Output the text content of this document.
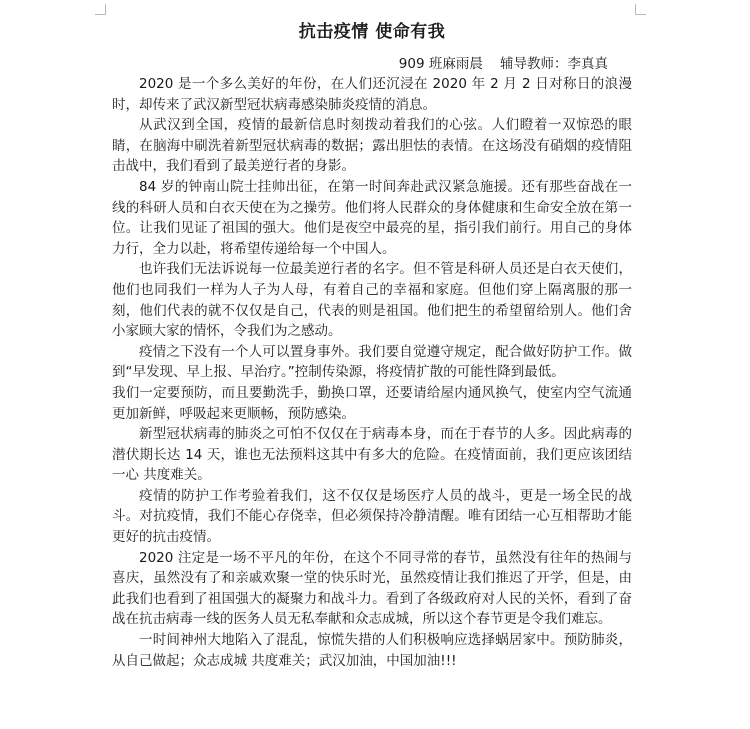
抗击疫情 使命有我
909 班麻雨晨 辅导教师：李真真

2020 是一个多么美好的年份，在人们还沉浸在 2020 年 2 月 2 日对称日的浪漫时，却传来了武汉新型冠状病毒感染肺炎疫情的消息。

从武汉到全国，疫情的最新信息时刻拨动着我们的心弦。人们瞪着一双惊恐的眼睛，在脑海中刷洗着新型冠状病毒的数据；露出胆怯的表情。在这场没有硝烟的疫情阻击战中，我们看到了最美逆行者的身影。

84 岁的钟南山院士挂帅出征，在第一时间奔赴武汉紧急施援。还有那些奋战在一线的科研人员和白衣天使在为之操劳。他们将人民群众的身体健康和生命安全放在第一位。让我们见证了祖国的强大。他们是夜空中最亮的星，指引我们前行。用自己的身体力行，全力以赴，将希望传递给每一个中国人。

也许我们无法诉说每一位最美逆行者的名字。但不管是科研人员还是白衣天使们，他们也同我们一样为人子为人母，有着自己的幸福和家庭。但他们穿上隔离服的那一刻，他们代表的就不仅仅是自己，代表的则是祖国。他们把生的希望留给别人。他们舍小家顾大家的情怀，令我们为之感动。

疫情之下没有一个人可以置身事外。我们要自觉遵守规定，配合做好防护工作。做到“早发现、早上报、早治疗。”控制传染源，将疫情扩散的可能性降到最低。

我们一定要预防，而且要勤洗手，勤换口罩，还要请给屋内通风换气，使室内空气流通更加新鲜，呼吸起来更顺畅，预防感染。

新型冠状病毒的肺炎之可怕不仅仅在于病毒本身，而在于春节的人多。因此病毒的潜伏期长达 14 天，谁也无法预料这其中有多大的危险。在疫情面前，我们更应该团结一心 共度难关。

疫情的防护工作考验着我们，这不仅仅是场医疗人员的战斗，更是一场全民的战斗。对抗疫情，我们不能心存侥幸，但必须保持冷静清醒。唯有团结一心互相帮助才能更好的抗击疫情。

2020 注定是一场不平凡的年份，在这个不同寻常的春节，虽然没有往年的热闹与喜庆，虽然没有了和亲戚欢聚一堂的快乐时光，虽然疫情让我们推迟了开学，但是，由此我们也看到了祖国强大的凝聚力和战斗力。看到了各级政府对人民的关怀，看到了奋战在抗击病毒一线的医务人员无私奉献和众志成城，所以这个春节更是令我们难忘。

一时间神州大地陷入了混乱，惊慌失措的人们积极响应选择蜗居家中。预防肺炎，从自己做起；众志成城 共度难关；武汉加油，中国加油!!!
